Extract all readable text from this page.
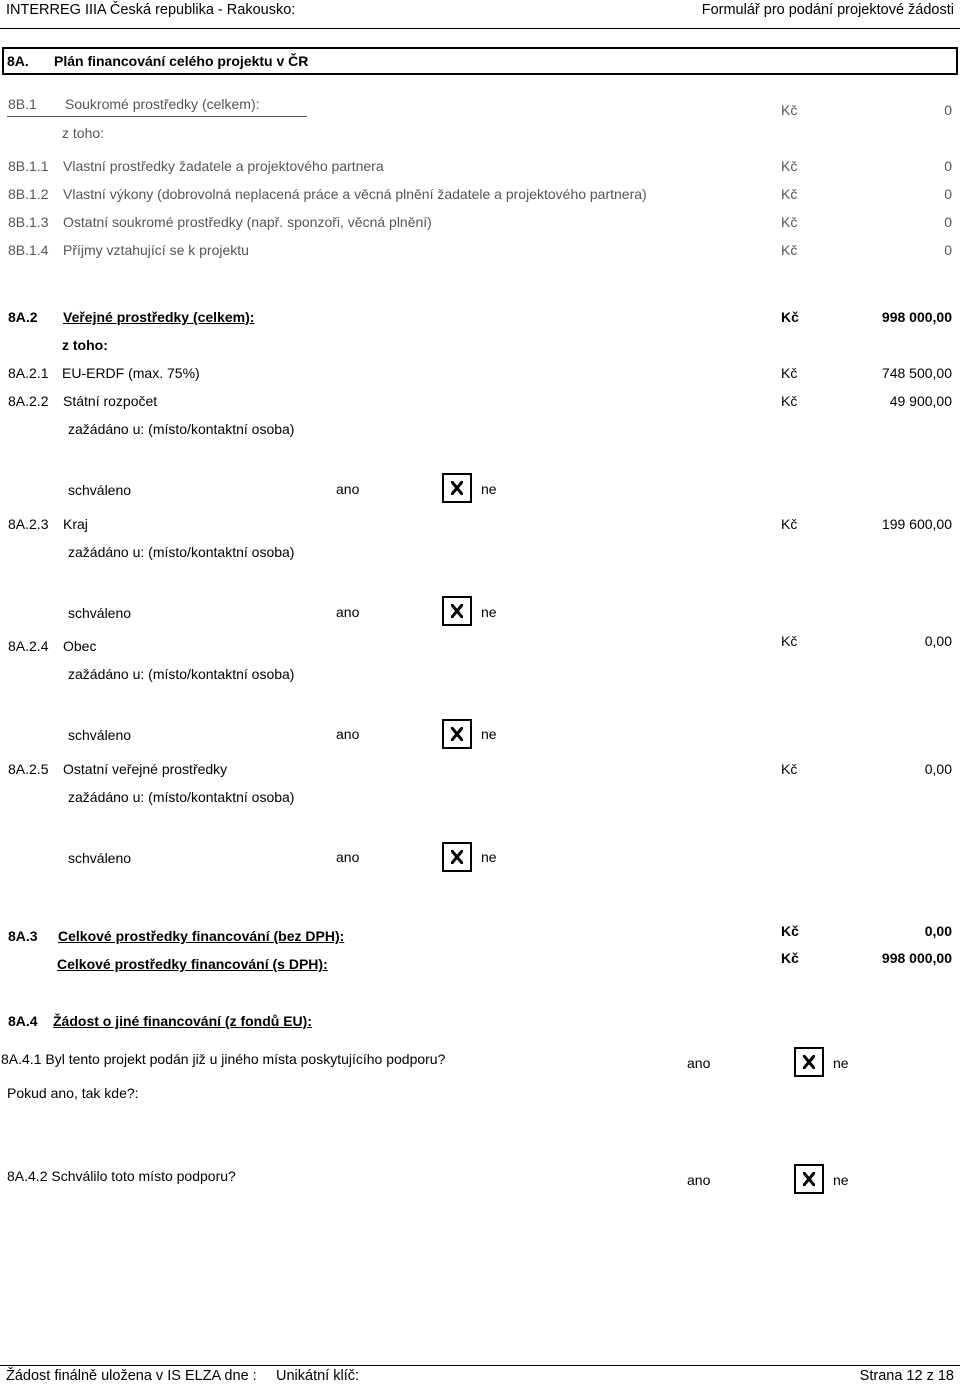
INTERREG IIIA Česká republika - Rakousko:	Formulář pro podání projektové žádosti
8A. Plán financování celého projektu v ČR
8B.1 Soukromé prostředky (celkem):	Kč	0
z toho:
8B.1.1 Vlastní prostředky žadatele a projektového partnera	Kč	0
8B.1.2 Vlastní výkony (dobrovolná neplacená práce a věcná plnění žadatele a projektového partnera)	Kč	0
8B.1.3 Ostatní soukromé prostředky (např. sponzoři, věcná plnění)	Kč	0
8B.1.4 Příjmy vztahující se k projektu	Kč	0
8A.2 Veřejné prostředky (celkem):	Kč	998 000,00
z toho:
8A.2.1 EU-ERDF (max. 75%)	Kč	748 500,00
8A.2.2 Státní rozpočet	Kč	49 900,00
zažádáno u: (místo/kontaktní osoba)
schváleno	ano	ne
8A.2.3 Kraj	Kč	199 600,00
zažádáno u: (místo/kontaktní osoba)
schváleno	ano	ne
8A.2.4 Obec	Kč	0,00
zažádáno u: (místo/kontaktní osoba)
schváleno	ano	ne
8A.2.5 Ostatní veřejné prostředky	Kč	0,00
zažádáno u: (místo/kontaktní osoba)
schváleno	ano	ne
8A.3 Celkové prostředky financování (bez DPH):	Kč	0,00
Celkové prostředky financování (s DPH):	Kč	998 000,00
8A.4 Žádost o jiné financování (z fondů EU):
8A.4.1 Byl tento projekt podán již u jiného místa poskytujícího podporu?	ano	ne
Pokud ano, tak kde?:
8A.4.2 Schválilo toto místo podporu?	ano	ne
Žádost finálně uložena v IS ELZA dne : Unikátní klíč:	Strana 12 z 18
